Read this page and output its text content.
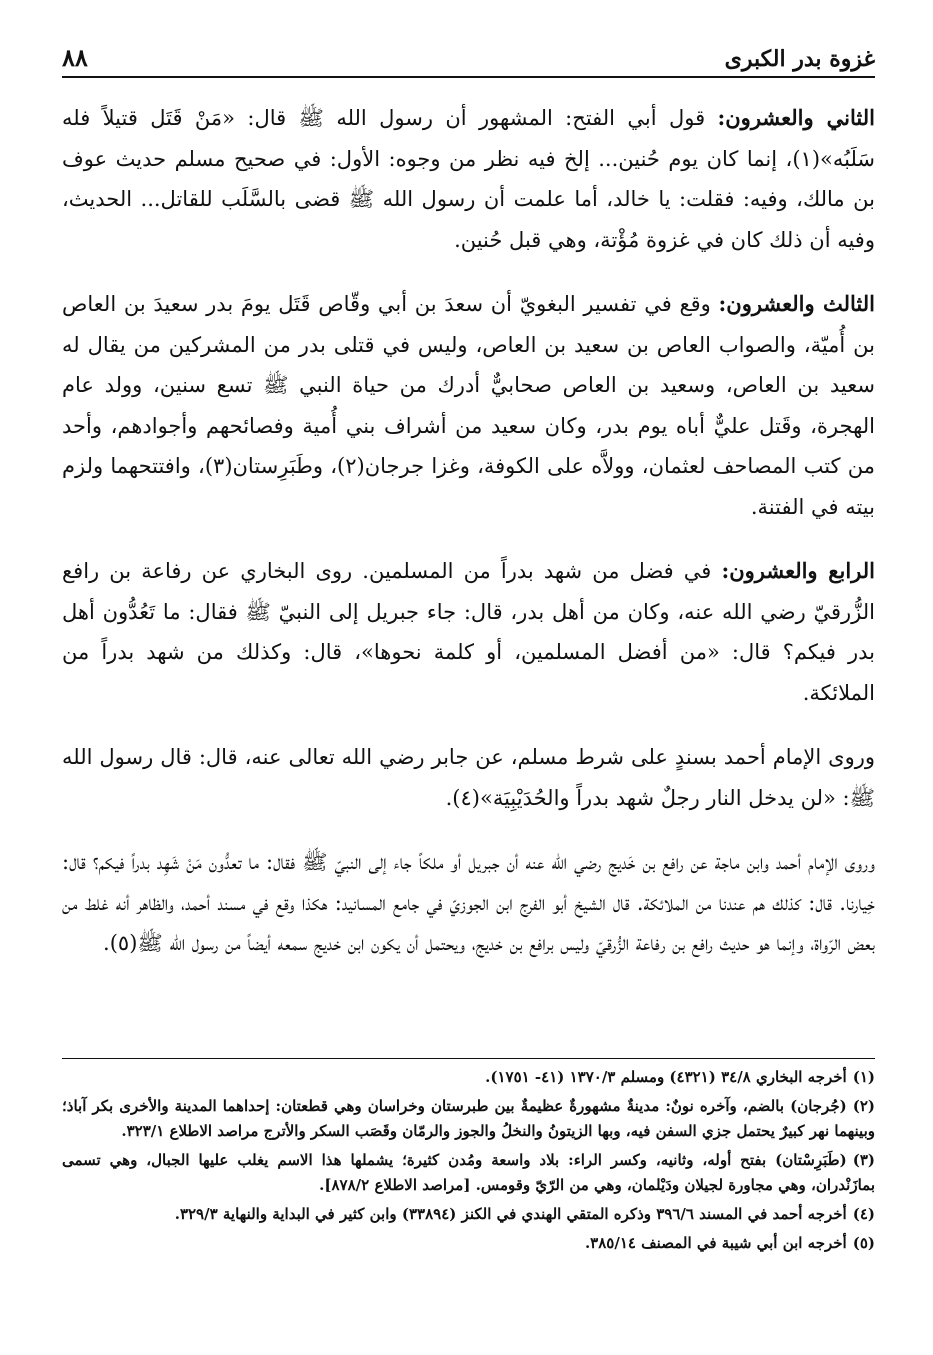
غزوة بدر الكبرى
٨٨

الثاني والعشرون: قول أبي الفتح: المشهور أن رسول الله ﷺ قال: «مَنْ قَتَل قتيلاً فله سَلَبُه»(١)، إنما كان يوم حُنين... إلخ فيه نظر من وجوه: الأول: في صحيح مسلم حديث عوف بن مالك، وفيه: فقلت: يا خالد، أما علمت أن رسول الله ﷺ قضى بالسَّلَب للقاتل... الحديث، وفيه أن ذلك كان في غزوة مُؤْتة، وهي قبل حُنين.

الثالث والعشرون: وقع في تفسير البغويّ أن سعدَ بن أبي وقّاص قَتَل يومَ بدر سعيدَ بن العاص بن أُميّة، والصواب العاص بن سعيد بن العاص، وليس في قتلى بدر من المشركين من يقال له سعيد بن العاص، وسعيد بن العاص صحابيٌّ أدرك من حياة النبي ﷺ تسع سنين، وولد عام الهجرة، وقَتل عليٌّ أباه يوم بدر، وكان سعيد من أشراف بني أُمية وفصائحهم وأجوادهم، وأحد من كتب المصاحف لعثمان، وولاَّه على الكوفة، وغزا جرجان(٢)، وطَبَرِستان(٣)، وافتتحهما ولزم بيته في الفتنة.

الرابع والعشرون: في فضل من شهد بدراً من المسلمين. روى البخاري عن رفاعة بن رافع الزُّرقيّ رضي الله عنه، وكان من أهل بدر، قال: جاء جبريل إلى النبيّ ﷺ فقال: ما تَعُدُّون أهل بدر فيكم؟ قال: «من أفضل المسلمين، أو كلمة نحوها»، قال: وكذلك من شهد بدراً من الملائكة.

وروى الإمام أحمد بسندٍ على شرط مسلم، عن جابر رضي الله تعالى عنه، قال: قال رسول الله ﷺ: «لن يدخل النار رجلٌ شهد بدراً والحُدَيْبِيَة»(٤).

وروى الإمام أحمد وابن ماجة عن رافع بن خَديج رضي الله عنه أن جبريل أو ملكاً جاء إلى النبيّ ﷺ فقال: ما تعدُّون مَنْ شَهِد بدراً فيكم؟ قال: خِيارنا. قال: كذلك هم عندنا من الملائكة. قال الشيخ أبو الفرج ابن الجوزيّ في جامع المسانيد: هكذا وقع في مسند أحمد، والظاهر أنه غلط من بعض الرّواة، وإنما هو حديث رافع بن رفاعة الزُّرقيّ وليس برافع بن خديج، ويحتمل أن يكون ابن خديج سمعه أيضاً من رسول الله ﷺ(٥).

(١)أخرجه البخاري ٣٤/٨ (٤٣٢١) ومسلم ١٣٧٠/٣ (٤١- ١٧٥١).

(٢)(جُرجان) بالضم، وآخره نونٌ: مدينةٌ مشهورةٌ عظيمةٌ بين طبرستان وخراسان وهي قطعتان: إحداهما المدينة والأخرى بكر آباذ؛ وبينهما نهر كبيرٌ يحتمل جزي السفن فيه، وبها الزيتونُ والنخلُ والجوز والرمّان وقَصَب السكر والأترج مراصد الاطلاع ٣٢٣/١.

(٣)(طَبَرِسْتان) بفتح أوله، وثانيه، وكسر الراء: بلاد واسعة ومُدن كثيرة؛ يشملها هذا الاسم يغلب عليها الجبال، وهي تسمى بمازَنْدران، وهي مجاورة لجيلان ودَيْلمان، وهي من الرّيّ وقومس. [مراصد الاطلاع ٨٧٨/٢].

(٤)أخرجه أحمد في المسند ٣٩٦/٦ وذكره المتقي الهندي في الكنز (٣٣٨٩٤) وابن كثير في البداية والنهاية ٣٢٩/٣.

(٥)أخرجه ابن أبي شيبة في المصنف ٣٨٥/١٤.
